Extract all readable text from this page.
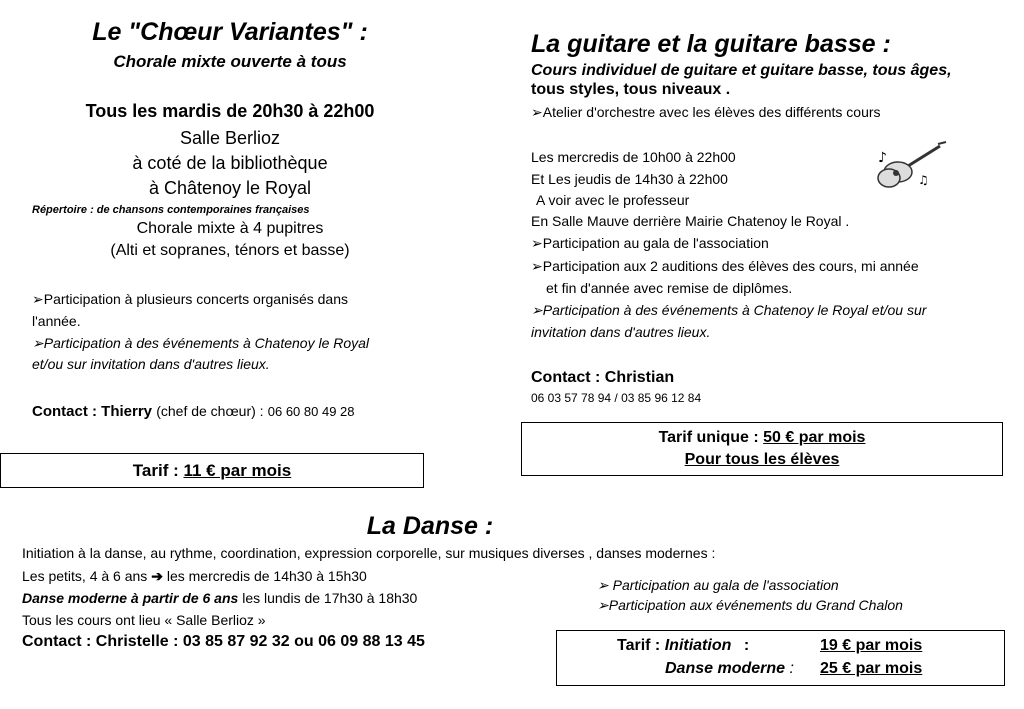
Le "Chœur Variantes" :
Chorale mixte ouverte à tous
Tous les mardis de 20h30 à 22h00
Salle Berlioz
à coté de la bibliothèque
à Châtenoy le Royal
Répertoire : de chansons contemporaines françaises
Chorale mixte à 4 pupitres
(Alti et sopranes, ténors et basse)
➢Participation à plusieurs concerts organisés dans
l'année.
➢Participation à des événements à Chatenoy le Royal
et/ou sur invitation dans d'autres lieux.
Contact : Thierry (chef de chœur) : 06 60 80 49 28
Tarif : 11 € par mois
La guitare et la guitare basse :
Cours individuel de guitare et guitare basse, tous âges,
tous styles, tous niveaux .
➢Atelier d'orchestre avec les élèves des différents cours
Les mercredis de 10h00 à 22h00
Et Les jeudis de 14h30 à 22h00
A voir avec le professeur
En Salle Mauve derrière Mairie Chatenoy le Royal .
➢Participation au gala de l'association
➢Participation aux 2 auditions des élèves des cours, mi année
et fin d'année avec remise de diplômes.
➢Participation à des événements à Chatenoy le Royal et/ou sur
invitation dans d'autres lieux.
Contact : Christian
06 03 57 78 94 / 03 85 96 12 84
♪
♫
Tarif unique : 50 € par mois
Pour tous les élèves
La Danse :
Initiation à la danse, au rythme, coordination, expression corporelle, sur musiques diverses , danses modernes :
Les petits, 4 à 6 ans ➔ les mercredis de 14h30 à 15h30
Danse moderne à partir de 6 ans les lundis de 17h30 à 18h30
Tous les cours ont lieu « Salle Berlioz »
Contact : Christelle : 03 85 87 92 32 ou 06 09 88 13 45
➢ Participation au gala de l'association
➢Participation aux événements du Grand Chalon
Tarif : Initiation :	19 € par mois
Danse moderne : 25 € par mois
